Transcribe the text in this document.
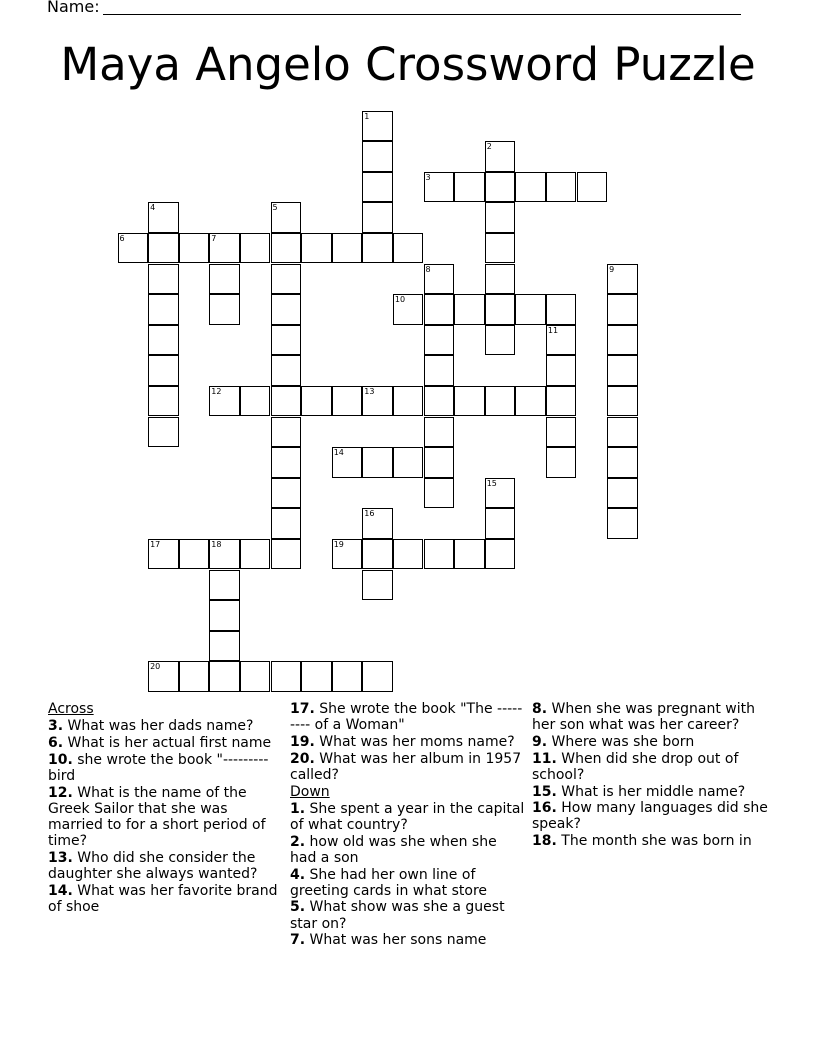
Name:
Maya Angelo Crossword Puzzle
1
2
3
4	5
6	7
8	9
10
11
12	13
14
15
16
17	18	19
20
Across
3. What was her dads name?
6. What is her actual first name
10. she wrote the book "--------- bird
12. What is the name of the Greek Sailor that she was married to for a short period of time?
13. Who did she consider the daughter she always wanted?
14. What was her favorite brand of shoe
17. She wrote the book "The --------- of a Woman"
19. What was her moms name?
20. What was her album in 1957 called?
Down
1. She spent a year in the capital of what country?
2. how old was she when she had a son
4. She had her own line of greeting cards in what store
5. What show was she a guest star on?
7. What was her sons name
8. When she was pregnant with her son what was her career?
9. Where was she born
11. When did she drop out of school?
15. What is her middle name?
16. How many languages did she speak?
18. The month she was born in
